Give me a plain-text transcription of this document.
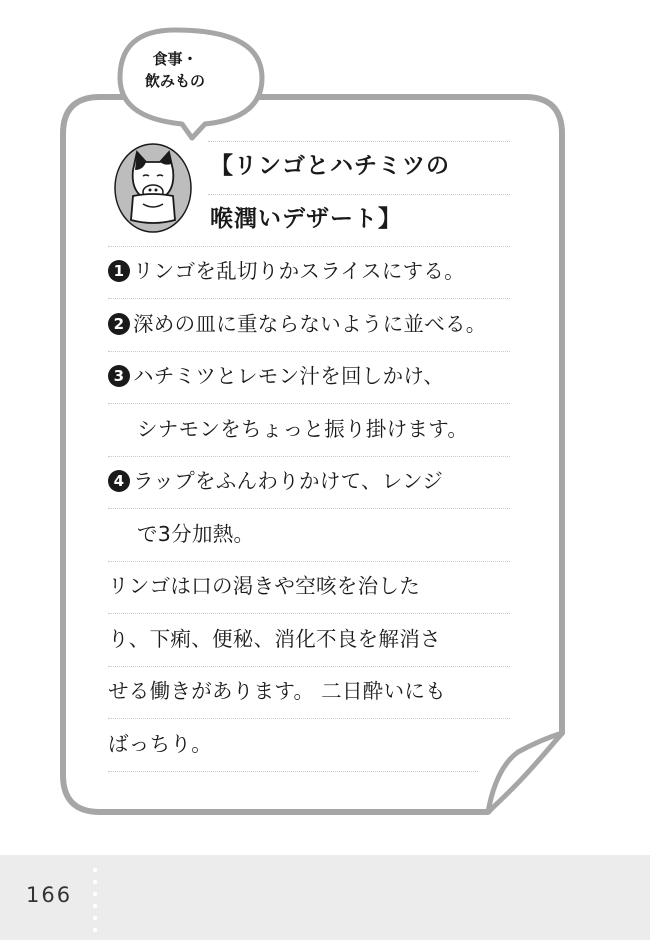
食事・
飲みもの
【リンゴとハチミツの
喉潤いデザート】
1 リンゴを乱切りかスライスにする。
2 深めの皿に重ならないように並べる。
3 ハチミツとレモン汁を回しかけ、
シナモンをちょっと振り掛けます。
4 ラップをふんわりかけて、レンジ
で3分加熱。
リンゴは口の渇きや空咳を治した
り、下痢、便秘、消化不良を解消さ
せる働きがあります。 二日酔いにも
ばっちり。
166
